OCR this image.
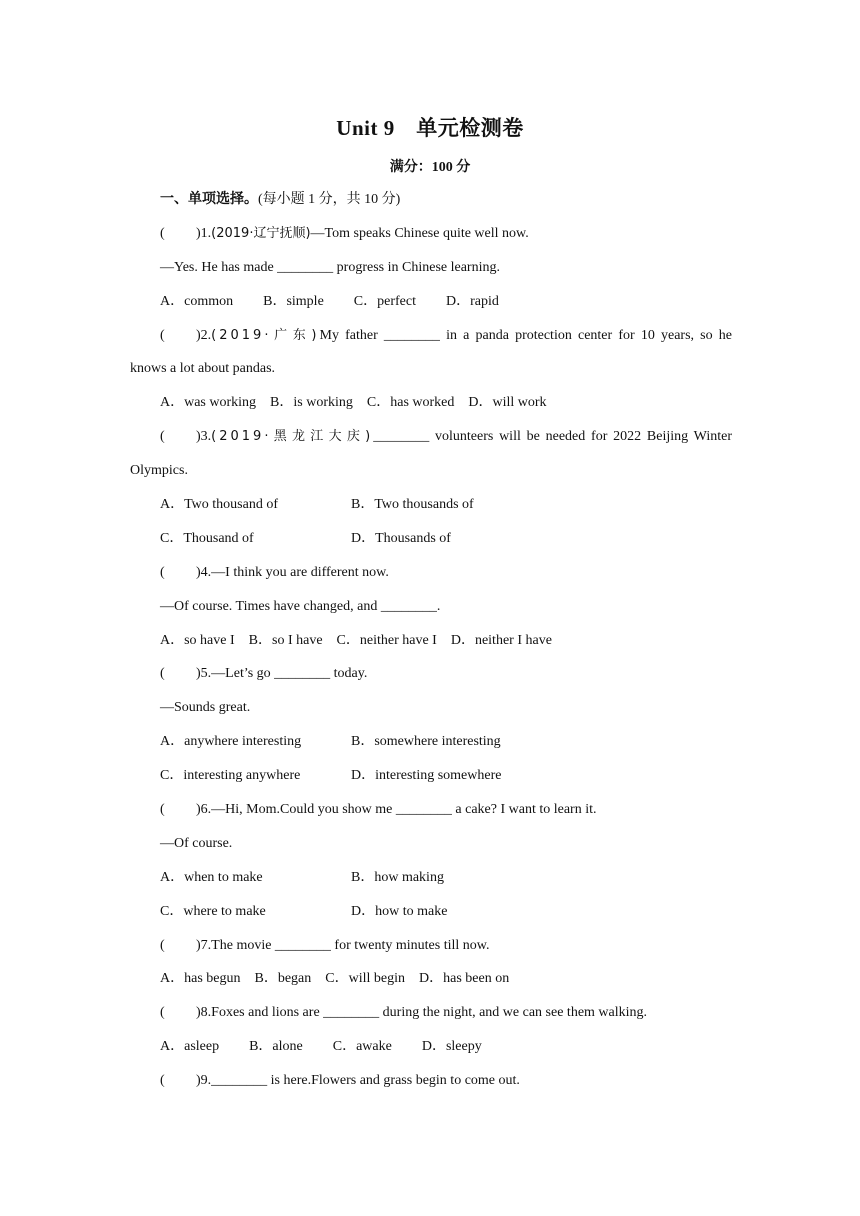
Unit 9　单元检测卷
满分：100 分
一、单项选择。(每小题 1 分，共 10 分)
( )1.(2019·辽宁抚顺)—Tom speaks Chinese quite well now.
—Yes. He has made ________ progress in Chinese learning.
A．common B．simple C．perfect D．rapid
( )2.(2019·广东)My father ________ in a panda protection center for 10 years, so he
knows a lot about pandas.
A．was working B．is working C．has worked D．will work
( )3.(2019·黑龙江大庆)________ volunteers will be needed for 2022 Beijing Winter
Olympics.
A．Two thousand of	B．Two thousands of
C．Thousand of	D．Thousands of
( )4.—I think you are different now.
—Of course. Times have changed, and ________.
A．so have I B．so I have C．neither have I D．neither I have
( )5.—Let’s go ________ today.
—Sounds great.
A．anywhere interesting	B．somewhere interesting
C．interesting anywhere	D．interesting somewhere
( )6.—Hi, Mom.Could you show me ________ a cake? I want to learn it.
—Of course.
A．when to make	B．how making
C．where to make	D．how to make
( )7.The movie ________ for twenty minutes till now.
A．has begun B．began C．will begin D．has been on
( )8.Foxes and lions are ________ during the night, and we can see them walking.
A．asleep B．alone C．awake D．sleepy
( )9.________ is here.Flowers and grass begin to come out.
